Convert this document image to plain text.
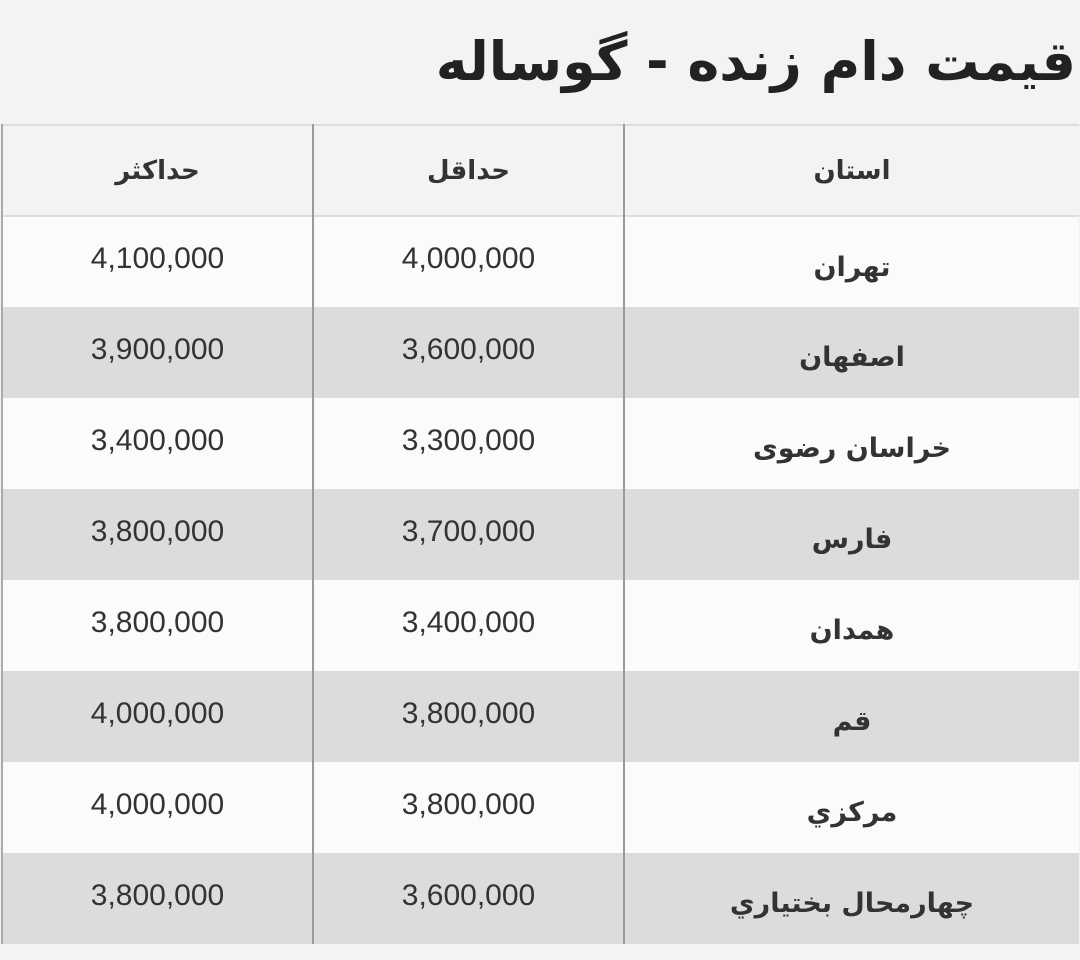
قیمت دام زنده - گوساله
استان	حداقل	حداکثر
تهران	4,000,000	4,100,000
اصفهان	3,600,000	3,900,000
خراسان رضوی	3,300,000	3,400,000
فارس	3,700,000	3,800,000
همدان	3,400,000	3,800,000
قم	3,800,000	4,000,000
مرکزي	3,800,000	4,000,000
چهارمحال بختياري	3,600,000	3,800,000
